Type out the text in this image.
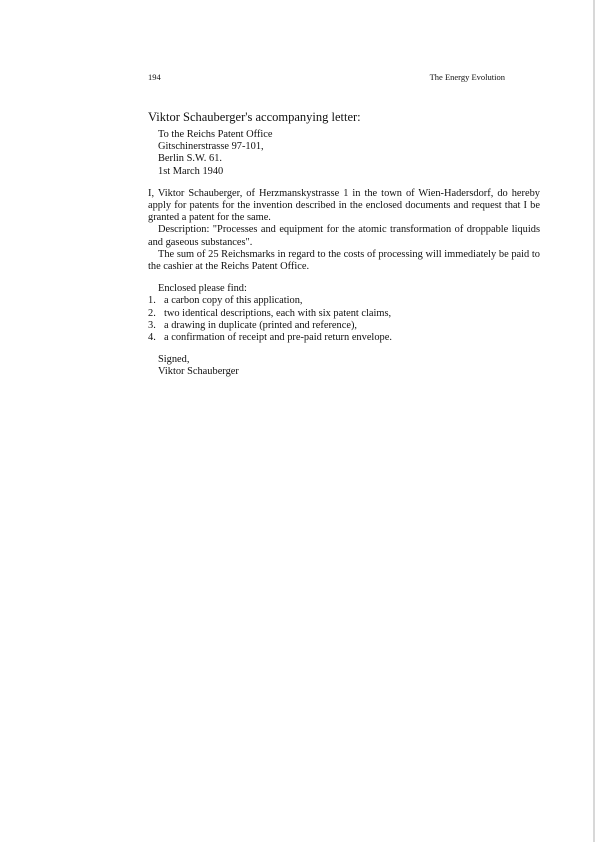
194	The Energy Evolution
Viktor Schauberger's accompanying letter:
To the Reichs Patent Office
Gitschinerstrasse 97-101,
Berlin S.W. 61.
1st March 1940

I, Viktor Schauberger, of Herzmanskystrasse 1 in the town of Wien-Hadersdorf, do hereby apply for patents for the invention described in the enclosed documents and request that I be granted a patent for the same.

Description: "Processes and equipment for the atomic transformation of droppable liquids and gaseous substances".

The sum of 25 Reichsmarks in regard to the costs of processing will immediately be paid to the cashier at the Reichs Patent Office.

Enclosed please find:
1. a carbon copy of this application,
2. two identical descriptions, each with six patent claims,
3. a drawing in duplicate (printed and reference),
4. a confirmation of receipt and pre-paid return envelope.
Signed,
Viktor Schauberger
